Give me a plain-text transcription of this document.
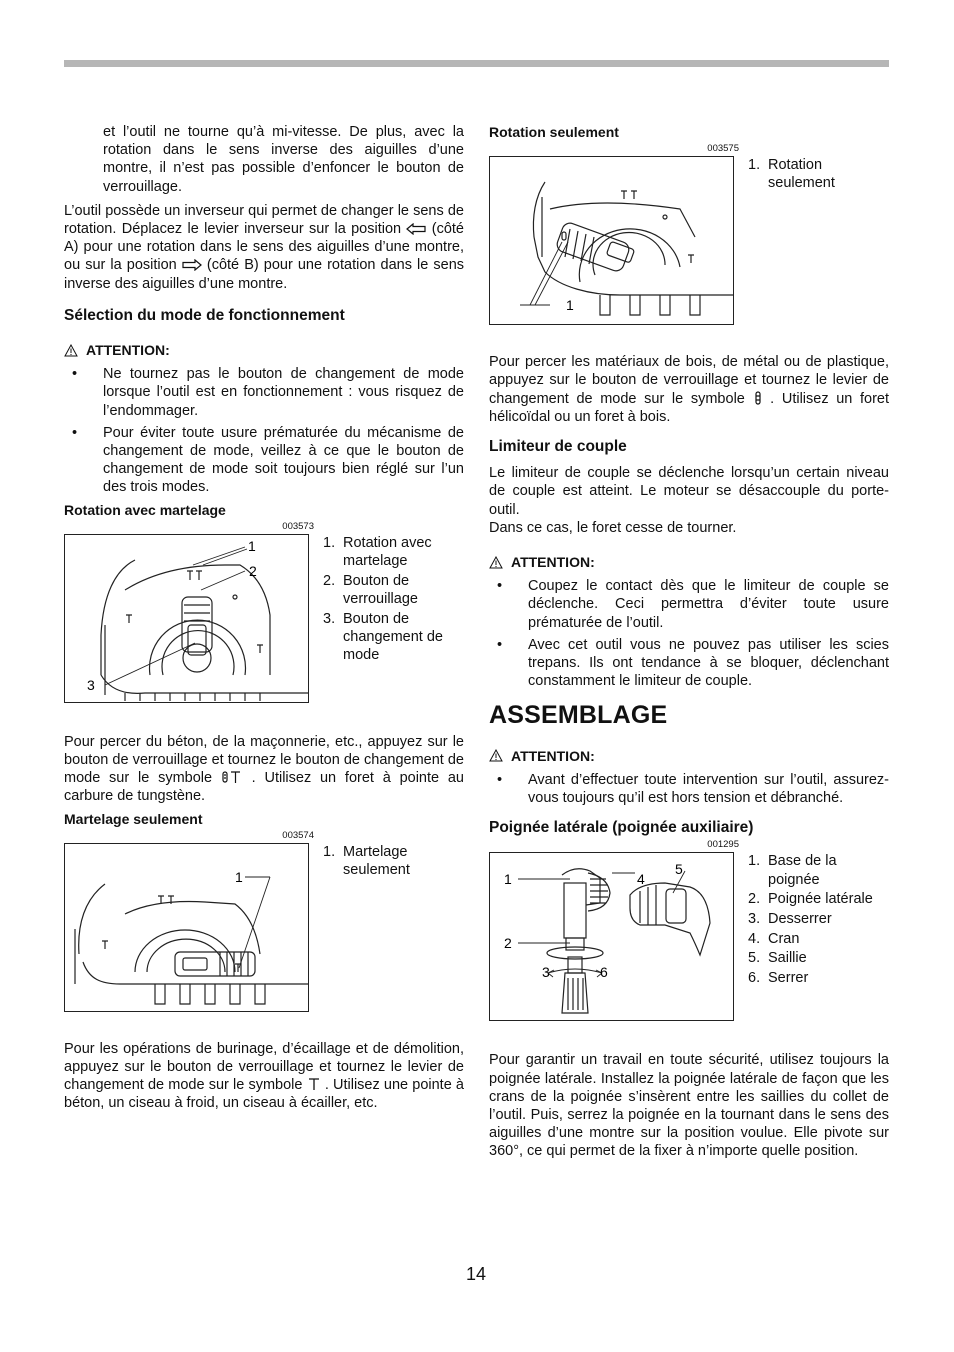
et l’outil ne tourne qu’à mi-vitesse. De plus, avec la rotation dans le sens inverse des aiguilles d’une montre, il n’est pas possible d’enfoncer le bouton de verrouillage.

L’outil possède un inverseur qui permet de changer le sens de rotation. Déplacez le levier inverseur sur la position (côté A) pour une rotation dans le sens des aiguilles d’une montre, ou sur la position (côté B) pour une rotation dans le sens inverse des aiguilles d’une montre.

Sélection du mode de fonctionnement
ATTENTION:
• Ne tournez pas le bouton de changement de mode lorsque l’outil est en fonctionnement : vous risquez de l’endommager.
• Pour éviter toute usure prématurée du mécanisme de changement de mode, veillez à ce que le bouton de changement de mode soit toujours bien réglé sur l’un des trois modes.
Rotation avec martelage
003573
1
2
3
1. Rotation avec martelage
2. Bouton de verrouillage
3. Bouton de changement de mode

Pour percer du béton, de la maçonnerie, etc., appuyez sur le bouton de verrouillage et tournez le bouton de changement de mode sur le symbole	. Utilisez un foret à pointe au carbure de tungstène.

Martelage seulement
003574
1
1. Martelage seulement

Pour les opérations de burinage, d’écaillage et de démolition, appuyez sur le bouton de verrouillage et tournez le levier de changement de mode sur le symbole . Utilisez une pointe à béton, un ciseau à froid, un ciseau à écailler, etc.

Rotation seulement
003575
1
1. Rotation seulement

Pour percer les matériaux de bois, de métal ou de plastique, appuyez sur le bouton de verrouillage et tournez le levier de changement de mode sur le symbole . Utilisez un foret hélicoïdal ou un foret à bois.

Limiteur de couple

Le limiteur de couple se déclenche lorsqu’un certain niveau de couple est atteint. Le moteur se désaccouple du porte-outil.

Dans ce cas, le foret cesse de tourner.

ATTENTION:
• Coupez le contact dès que le limiteur de couple se déclenche. Ceci permettra d’éviter toute usure prématurée de l’outil.
• Avec cet outil vous ne pouvez pas utiliser les scies trepans. Ils ont tendance à se bloquer, déclenchant constamment le limiteur de couple.
ASSEMBLAGE
ATTENTION:
• Avant d’effectuer toute intervention sur l’outil, assurez-vous toujours qu’il est hors tension et débranché.
Poignée latérale (poignée auxiliaire)
001295
1
2
3
4
5
6
1. Base de la poignée
2. Poignée latérale
3. Desserrer
4. Cran
5. Saillie
6. Serrer

Pour garantir un travail en toute sécurité, utilisez toujours la poignée latérale. Installez la poignée latérale de façon que les crans de la poignée s’insèrent entre les saillies du collet de l’outil. Puis, serrez la poignée en la tournant dans le sens des aiguilles d’une montre sur la position voulue. Elle pivote sur 360°, ce qui permet de la fixer à n’importe quelle position.

14
